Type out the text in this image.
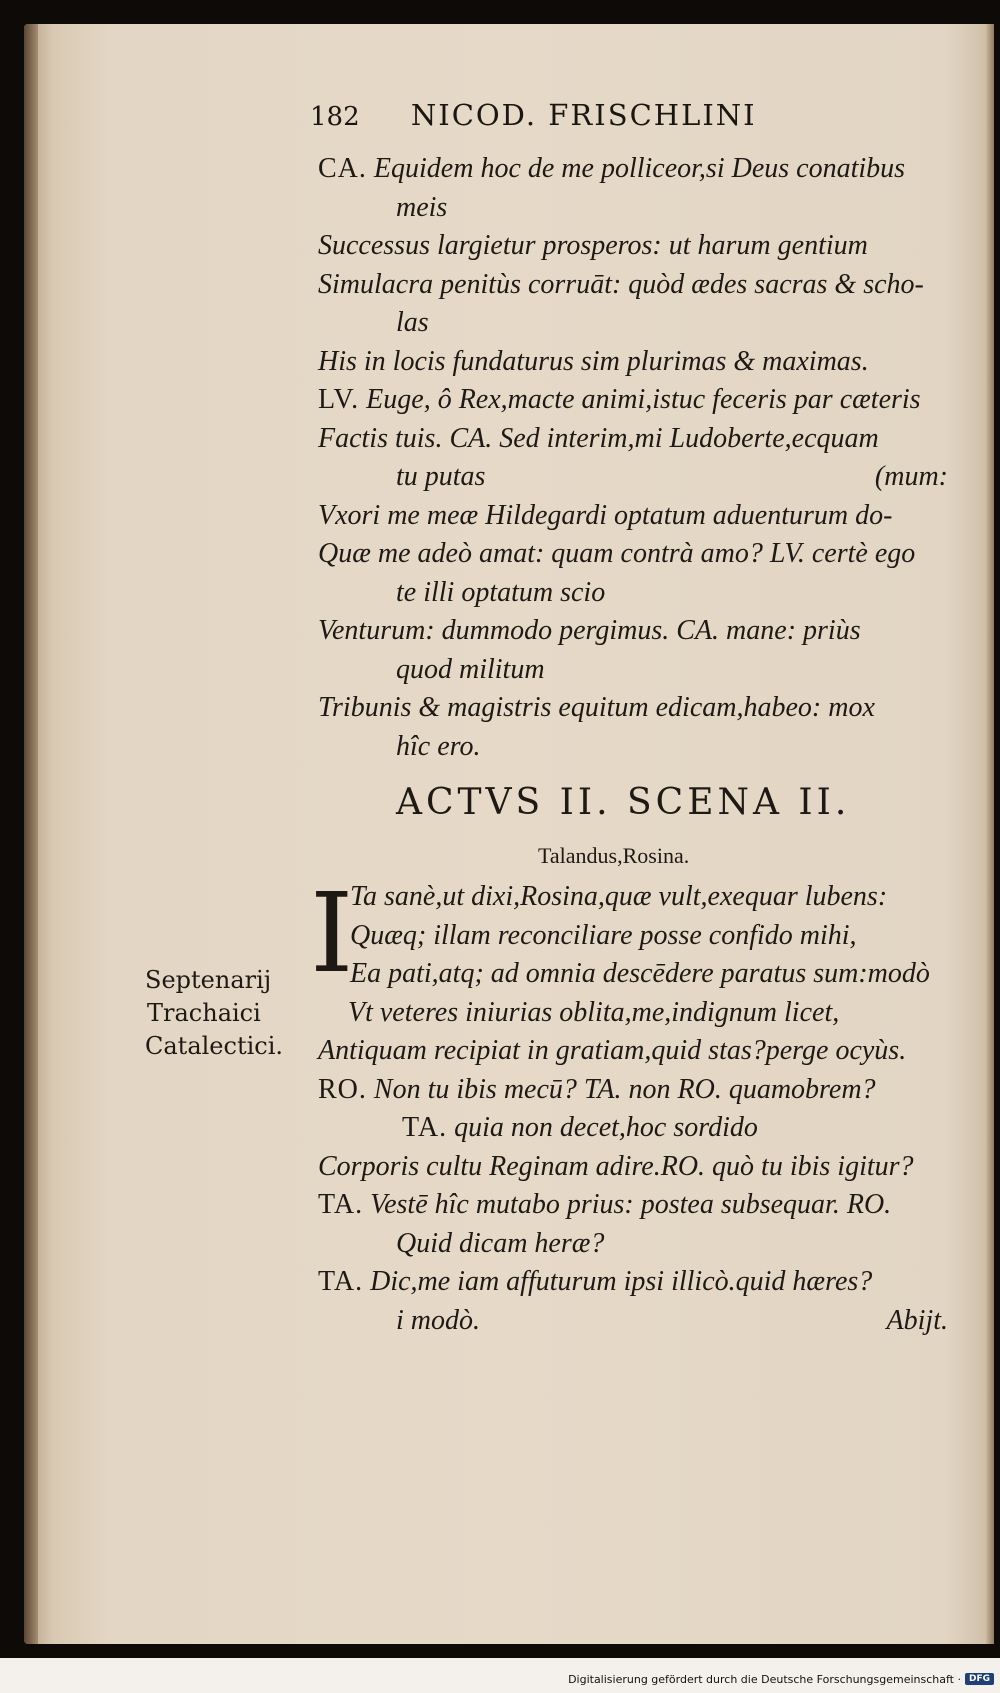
182 NICOD. FRISCHLINI
CA. Equidem hoc de me polliceor,si Deus conatibus
meis
Successus largietur prosperos: ut harum gentium
Simulacra penitùs corruāt: quòd ædes sacras & scho-
las
His in locis fundaturus sim plurimas & maximas.
LV. Euge, ô Rex,macte animi,istuc feceris par cæteris
Factis tuis. CA. Sed interim,mi Ludoberte,ecquam
tu putas	(mum:
Vxori me meæ Hildegardi optatum aduenturum do-
Quæ me adeò amat: quam contrà amo? LV. certè ego
te illi optatum scio
Venturum: dummodo pergimus. CA. mane: priùs
quod militum
Tribunis & magistris equitum edicam,habeo: mox
hîc ero.
ACTVS II. SCENA II.
Talandus,Rosina.
I
Ta sanè,ut dixi,Rosina,quæ vult,exequar lubens:
Quæq; illam reconciliare posse confido mihi,
Ea pati,atq; ad omnia descēdere paratus sum:modò
Vt veteres iniurias oblita,me,indignum licet,
Antiquam recipiat in gratiam,quid stas?perge ocyùs.
RO. Non tu ibis mecū? TA. non RO. quamobrem?
TA. quia non decet,hoc sordido
Corporis cultu Reginam adire.RO. quò tu ibis igitur?
TA. Vestē hîc mutabo prius: postea subsequar. RO.
Quid dicam heræ?
TA. Dic,me iam affuturum ipsi illicò.quid hæres?
i modò.	Abijt.
Septenarij
Trachaici
Catalectici.
Digitalisierung gefördert durch die Deutsche Forschungsgemeinschaft · DFG
